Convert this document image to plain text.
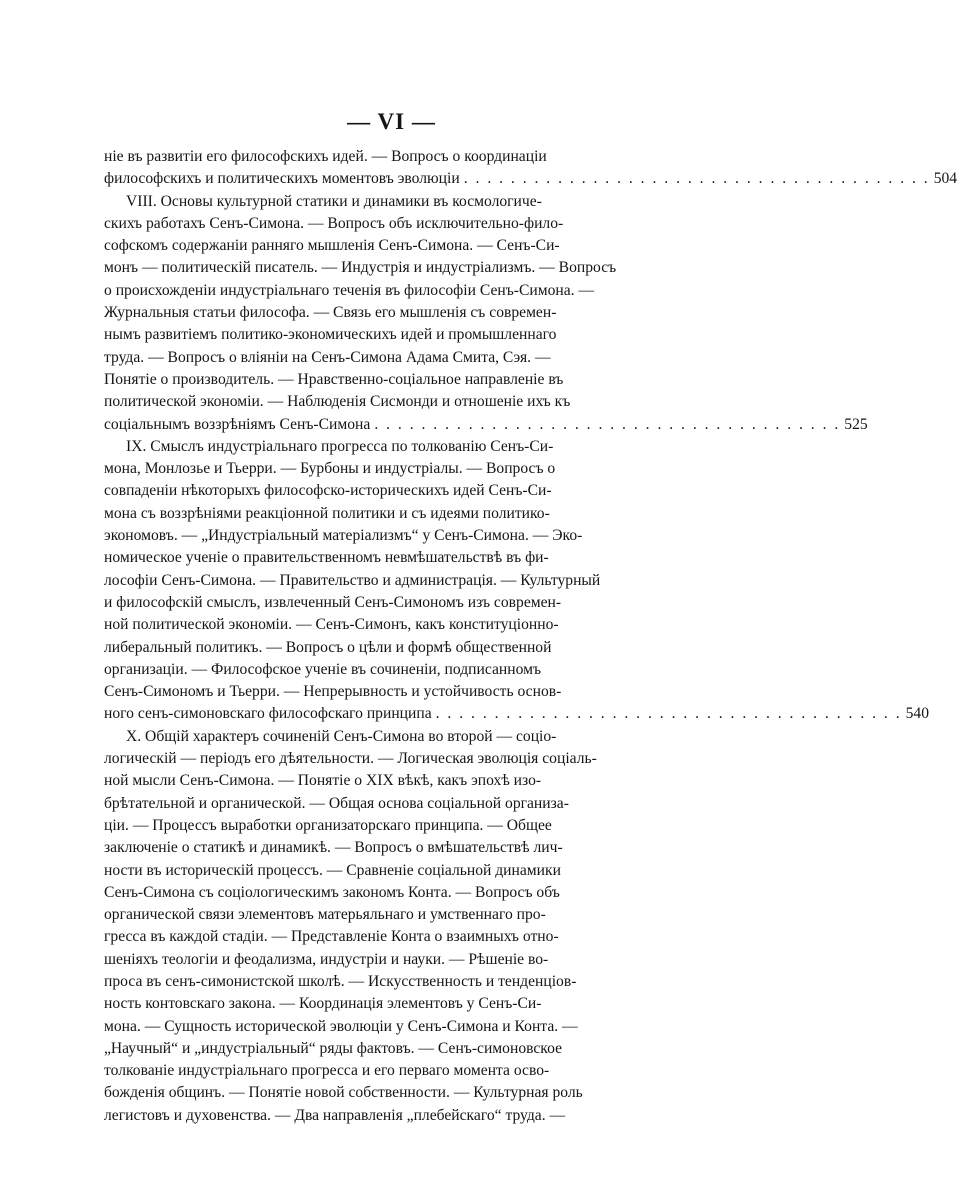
— VI —
ніе въ развитіи его философскихъ идей. — Вопросъ о координаціи
философскихъ и политическихъ моментовъ эволюціи . . . . . . . . . . . . . . . . . . . . . . . . . . . . . . . . . . . . . . . . 504
VIII. Основы культурной статики и динамики въ космологиче-
скихъ работахъ Сенъ-Симона. — Вопросъ объ исключительно-фило-
софскомъ содержаніи ранняго мышленія Сенъ-Симона. — Сенъ-Си-
монъ — политическій писатель. — Индустрія и индустріализмъ. — Вопросъ
о происхожденіи индустріальнаго теченія въ философіи Сенъ-Симона. —
Журнальныя статьи философа. — Связь его мышленія съ современ-
нымъ развитіемъ политико-экономическихъ идей и промышленнаго
труда. — Вопросъ о вліяніи на Сенъ-Симона Адама Смита, Сэя. —
Понятіе о производитель. — Нравственно-соціальное направленіе въ
политической экономіи. — Наблюденія Сисмонди и отношеніе ихъ къ
соціальнымъ воззрѣніямъ Сенъ-Симона . . . . . . . . . . . . . . . . . . . . . . . . . . . . . . . . . . . . . . . . 525
IX. Смыслъ индустріальнаго прогресса по толкованію Сенъ-Си-
мона, Монлозье и Тьерри. — Бурбоны и индустріалы. — Вопросъ о
совпаденіи нѣкоторыхъ философско-историческихъ идей Сенъ-Си-
мона съ воззрѣніями реакціонной политики и съ идеями политико-
экономовъ. — „Индустріальный матеріализмъ“ у Сенъ-Симона. — Эко-
номическое ученіе о правительственномъ невмѣшательствѣ въ фи-
лософіи Сенъ-Симона. — Правительство и администрація. — Культурный
и философскій смыслъ, извлеченный Сенъ-Симономъ изъ современ-
ной политической экономіи. — Сенъ-Симонъ, какъ конституціонно-
либеральный политикъ. — Вопросъ о цѣли и формѣ общественной
организаціи. — Философское ученіе въ сочиненіи, подписанномъ
Сенъ-Симономъ и Тьерри. — Непрерывность и устойчивость основ-
ного сенъ-симоновскаго философскаго принципа . . . . . . . . . . . . . . . . . . . . . . . . . . . . . . . . . . . . . . . . 540
X. Общій характеръ сочиненій Сенъ-Симона во второй — соціо-
логическій — періодъ его дѣятельности. — Логическая эволюція соціаль-
ной мысли Сенъ-Симона. — Понятіе о XIX вѣкѣ, какъ эпохѣ изо-
брѣтательной и органической. — Общая основа соціальной организа-
ціи. — Процессъ выработки организаторскаго принципа. — Общее
заключеніе о статикѣ и динамикѣ. — Вопросъ о вмѣшательствѣ лич-
ности въ историческій процессъ. — Сравненіе соціальной динамики
Сенъ-Симона съ соціологическимъ закономъ Конта. — Вопросъ объ
органической связи элементовъ матерьяльнаго и умственнаго про-
гресса въ каждой стадіи. — Представленіе Конта о взаимныхъ отно-
шеніяхъ теологіи и феодализма, индустріи и науки. — Рѣшеніе во-
проса въ сенъ-симонистской школѣ. — Искусственность и тенденціов-
ность контовскаго закона. — Координація элементовъ у Сенъ-Си-
мона. — Сущность исторической эволюціи у Сенъ-Симона и Конта. —
„Научный“ и „индустріальный“ ряды фактовъ. — Сенъ-симоновское
толкованіе индустріальнаго прогресса и его перваго момента осво-
божденія общинъ. — Понятіе новой собственности. — Культурная роль
легистовъ и духовенства. — Два направленія „плебейскаго“ труда. —
